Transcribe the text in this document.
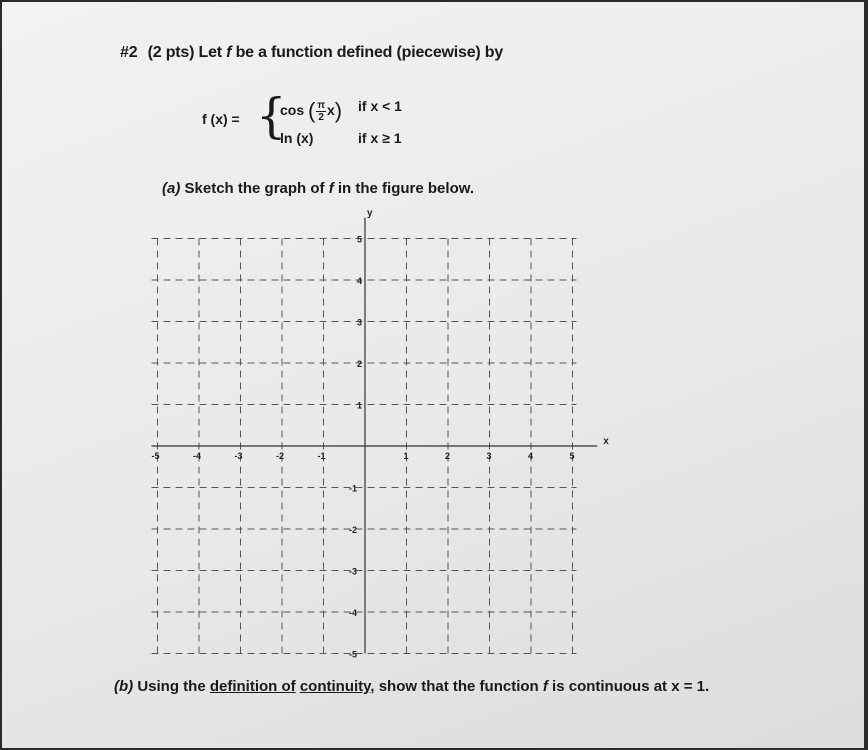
#2 (2 pts) Let f be a function defined (piecewise) by
f (x) = {
cos ( $\frac{\pi}{2} x$) if x < 1
ln (x)	if x ≥ 1
(a) Sketch the graph of f in the figure below.
x
y
-5	-4	-3	-2	-1	1	2	3	4	5
5
4
3
2
1
-1
-2
-3
-4
-5
(b) Using the definition of continuity, show that the function f is continuous at x = 1.
